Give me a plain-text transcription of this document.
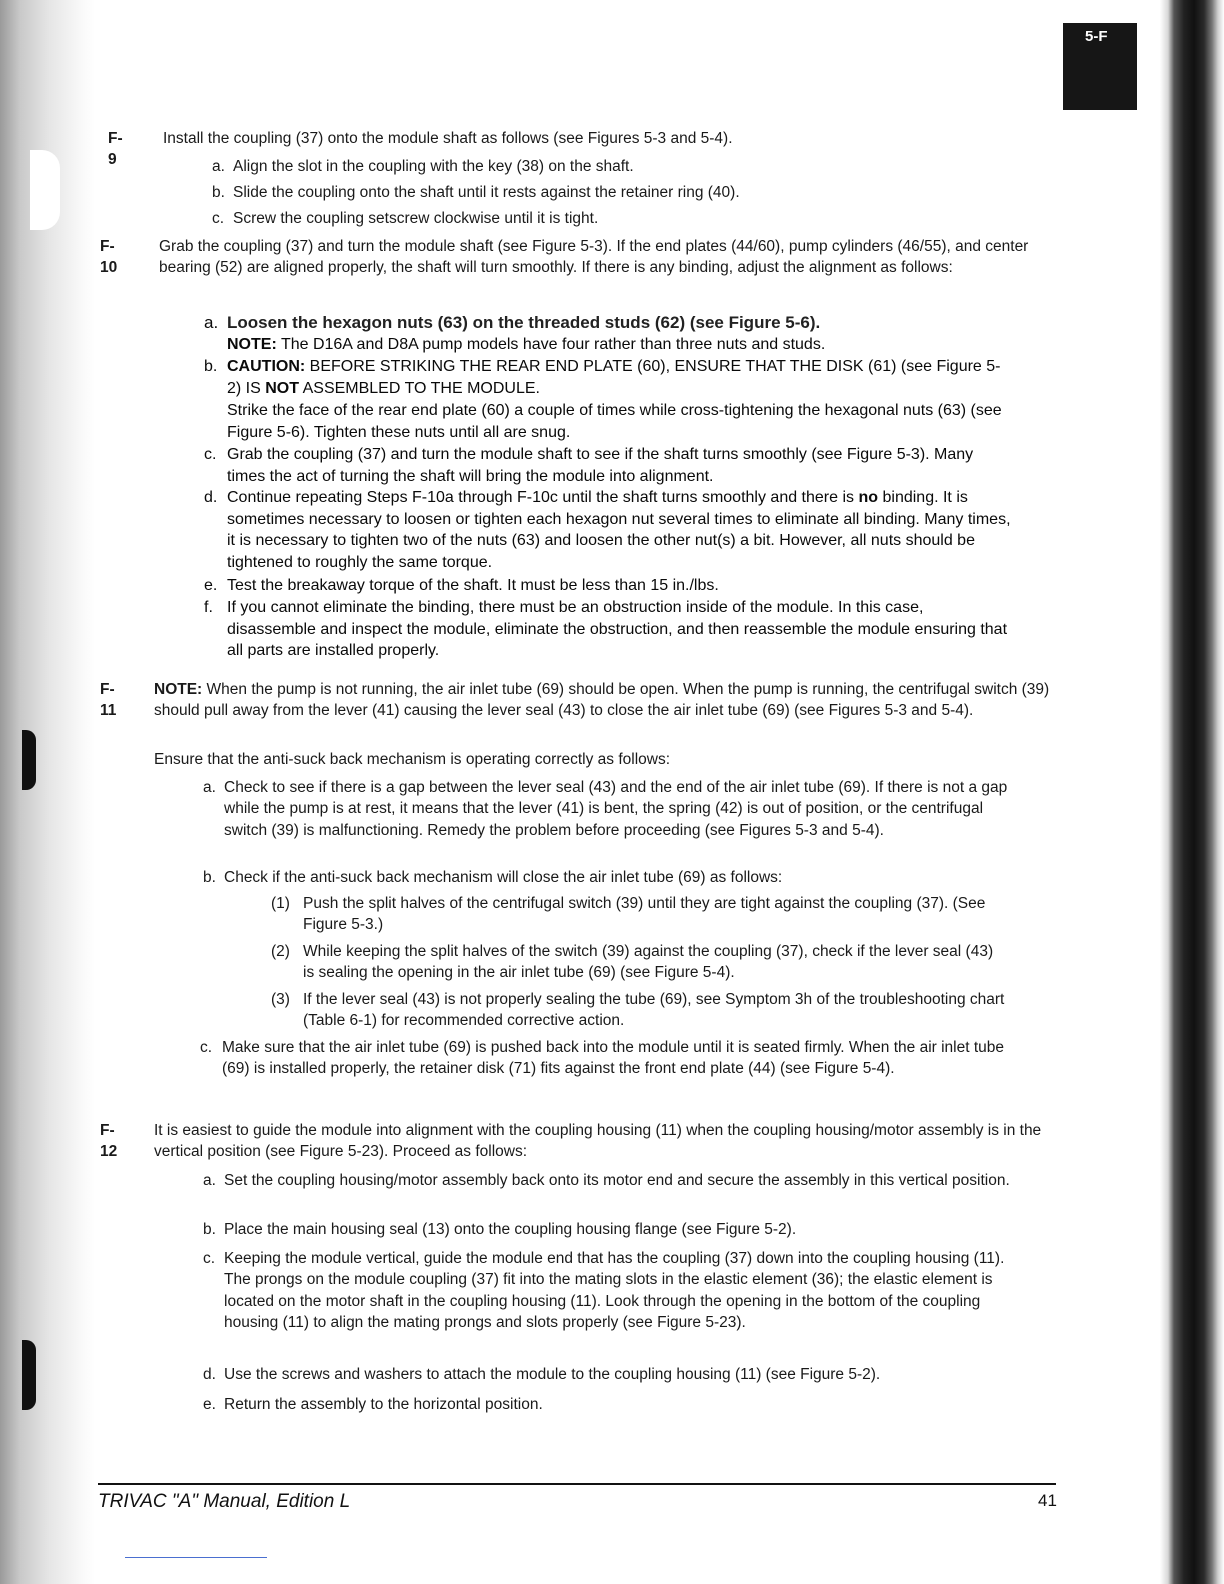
5-F
F-9

Install the coupling (37) onto the module shaft as follows (see Figures 5-3 and 5-4).

a. Align the slot in the coupling with the key (38) on the shaft.

b. Slide the coupling onto the shaft until it rests against the retainer ring (40).

c. Screw the coupling setscrew clockwise until it is tight.

F-10

Grab the coupling (37) and turn the module shaft (see Figure 5-3). If the end plates (44/60), pump cylinders (46/55), and center bearing (52) are aligned properly, the shaft will turn smoothly. If there is any binding, adjust the alignment as follows:

a. Loosen the hexagon nuts (63) on the threaded studs (62) (see Figure 5-6).

NOTE: The D16A and D8A pump models have four rather than three nuts and studs.

b. CAUTION: BEFORE STRIKING THE REAR END PLATE (60), ENSURE THAT THE DISK (61) (see Figure 5-2) IS NOT ASSEMBLED TO THE MODULE.

Strike the face of the rear end plate (60) a couple of times while cross-tightening the hexagonal nuts (63) (see Figure 5-6). Tighten these nuts until all are snug.

c. Grab the coupling (37) and turn the module shaft to see if the shaft turns smoothly (see Figure 5-3). Many times the act of turning the shaft will bring the module into alignment.

d. Continue repeating Steps F-10a through F-10c until the shaft turns smoothly and there is no binding. It is sometimes necessary to loosen or tighten each hexagon nut several times to eliminate all binding. Many times, it is necessary to tighten two of the nuts (63) and loosen the other nut(s) a bit. However, all nuts should be tightened to roughly the same torque.

e. Test the breakaway torque of the shaft. It must be less than 15 in./lbs.

f. If you cannot eliminate the binding, there must be an obstruction inside of the module. In this case, disassemble and inspect the module, eliminate the obstruction, and then reassemble the module ensuring that all parts are installed properly.

F-11

NOTE: When the pump is not running, the air inlet tube (69) should be open. When the pump is running, the centrifugal switch (39) should pull away from the lever (41) causing the lever seal (43) to close the air inlet tube (69) (see Figures 5-3 and 5-4).

Ensure that the anti-suck back mechanism is operating correctly as follows:

a. Check to see if there is a gap between the lever seal (43) and the end of the air inlet tube (69). If there is not a gap while the pump is at rest, it means that the lever (41) is bent, the spring (42) is out of position, or the centrifugal switch (39) is malfunctioning. Remedy the problem before proceeding (see Figures 5-3 and 5-4).

b. Check if the anti-suck back mechanism will close the air inlet tube (69) as follows:

(1) Push the split halves of the centrifugal switch (39) until they are tight against the coupling (37). (See Figure 5-3.)

(2) While keeping the split halves of the switch (39) against the coupling (37), check if the lever seal (43) is sealing the opening in the air inlet tube (69) (see Figure 5-4).

(3) If the lever seal (43) is not properly sealing the tube (69), see Symptom 3h of the troubleshooting chart (Table 6-1) for recommended corrective action.

c. Make sure that the air inlet tube (69) is pushed back into the module until it is seated firmly. When the air inlet tube (69) is installed properly, the retainer disk (71) fits against the front end plate (44) (see Figure 5-4).

F-12

It is easiest to guide the module into alignment with the coupling housing (11) when the coupling housing/motor assembly is in the vertical position (see Figure 5-23). Proceed as follows:

a. Set the coupling housing/motor assembly back onto its motor end and secure the assembly in this vertical position.

b. Place the main housing seal (13) onto the coupling housing flange (see Figure 5-2).

c. Keeping the module vertical, guide the module end that has the coupling (37) down into the coupling housing (11). The prongs on the module coupling (37) fit into the mating slots in the elastic element (36); the elastic element is located on the motor shaft in the coupling housing (11). Look through the opening in the bottom of the coupling housing (11) to align the mating prongs and slots properly (see Figure 5-23).

d. Use the screws and washers to attach the module to the coupling housing (11) (see Figure 5-2).

e. Return the assembly to the horizontal position.

TRIVAC "A" Manual, Edition L	41
